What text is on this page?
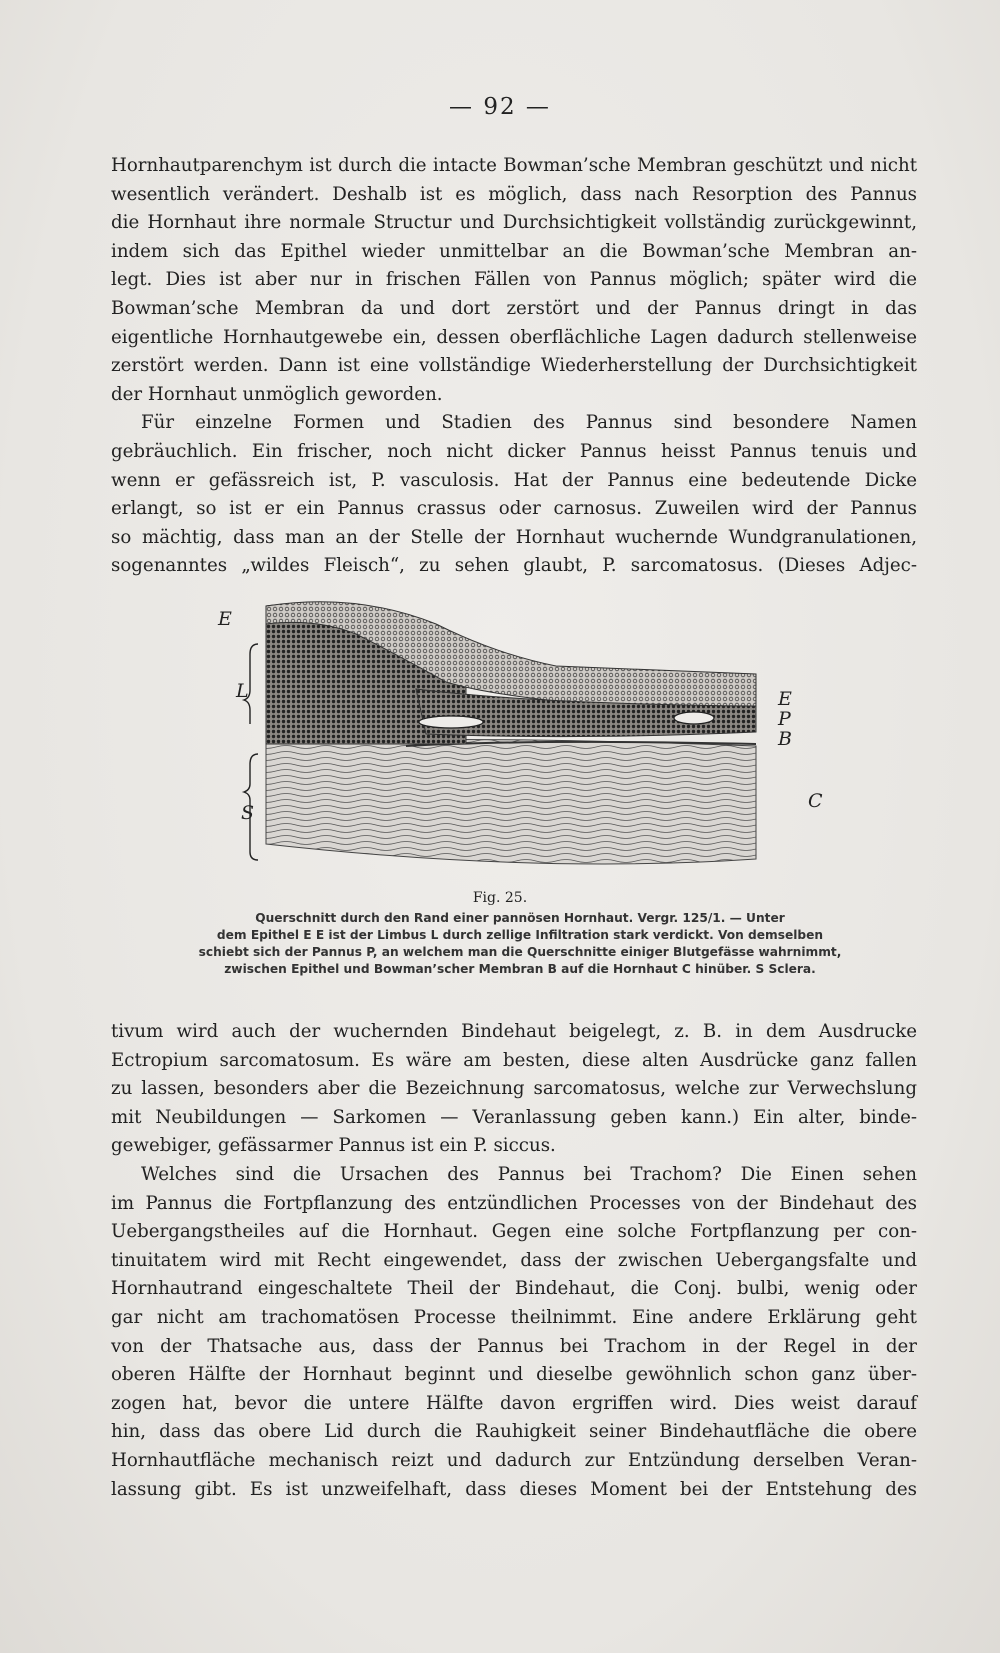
— 92 —
Hornhautparenchym ist durch die intacte Bowman’sche Membran geschützt und nicht
wesentlich verändert. Deshalb ist es möglich, dass nach Resorption des Pannus
die Hornhaut ihre normale Structur und Durchsichtigkeit vollständig zurückgewinnt,
indem sich das Epithel wieder unmittelbar an die Bowman’sche Membran an-
legt. Dies ist aber nur in frischen Fällen von Pannus möglich; später wird die
Bowman’sche Membran da und dort zerstört und der Pannus dringt in das
eigentliche Hornhautgewebe ein, dessen oberflächliche Lagen dadurch stellenweise
zerstört werden. Dann ist eine vollständige Wiederherstellung der Durchsichtigkeit
der Hornhaut unmöglich geworden.
Für einzelne Formen und Stadien des Pannus sind besondere Namen
gebräuchlich. Ein frischer, noch nicht dicker Pannus heisst Pannus tenuis und
wenn er gefässreich ist, P. vasculosis. Hat der Pannus eine bedeutende Dicke
erlangt, so ist er ein Pannus crassus oder carnosus. Zuweilen wird der Pannus
so mächtig, dass man an der Stelle der Hornhaut wuchernde Wundgranulationen,
sogenanntes „wildes Fleisch“, zu sehen glaubt, P. sarcomatosus. (Dieses Adjec-
E
L
S
E
P
B
C
Fig. 25.
Querschnitt durch den Rand einer pannösen Hornhaut. Vergr. 125/1. — Unter
dem Epithel E E ist der Limbus L durch zellige Infiltration stark verdickt. Von demselben
schiebt sich der Pannus P, an welchem man die Querschnitte einiger Blutgefässe wahrnimmt,
zwischen Epithel und Bowman’scher Membran B auf die Hornhaut C hinüber. S Sclera.
tivum wird auch der wuchernden Bindehaut beigelegt, z. B. in dem Ausdrucke
Ectropium sarcomatosum. Es wäre am besten, diese alten Ausdrücke ganz fallen
zu lassen, besonders aber die Bezeichnung sarcomatosus, welche zur Verwechslung
mit Neubildungen — Sarkomen — Veranlassung geben kann.) Ein alter, binde-
gewebiger, gefässarmer Pannus ist ein P. siccus.
Welches sind die Ursachen des Pannus bei Trachom? Die Einen sehen
im Pannus die Fortpflanzung des entzündlichen Processes von der Bindehaut des
Uebergangstheiles auf die Hornhaut. Gegen eine solche Fortpflanzung per con-
tinuitatem wird mit Recht eingewendet, dass der zwischen Uebergangsfalte und
Hornhautrand eingeschaltete Theil der Bindehaut, die Conj. bulbi, wenig oder
gar nicht am trachomatösen Processe theilnimmt. Eine andere Erklärung geht
von der Thatsache aus, dass der Pannus bei Trachom in der Regel in der
oberen Hälfte der Hornhaut beginnt und dieselbe gewöhnlich schon ganz über-
zogen hat, bevor die untere Hälfte davon ergriffen wird. Dies weist darauf
hin, dass das obere Lid durch die Rauhigkeit seiner Bindehautfläche die obere
Hornhautfläche mechanisch reizt und dadurch zur Entzündung derselben Veran-
lassung gibt. Es ist unzweifelhaft, dass dieses Moment bei der Entstehung des
